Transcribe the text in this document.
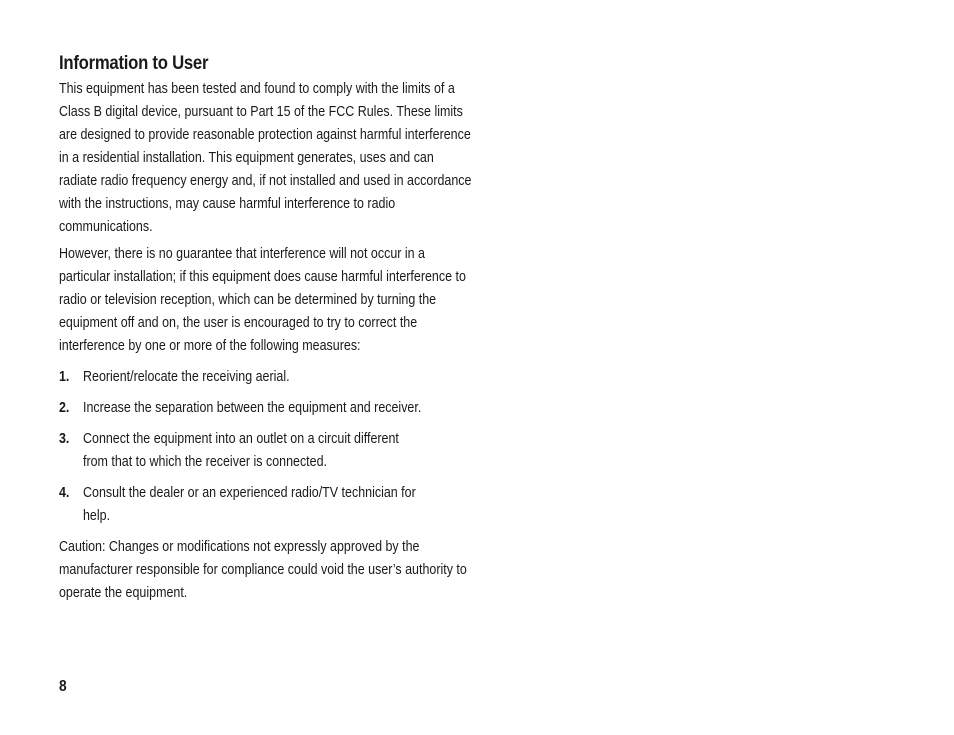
Information to User

This equipment has been tested and found to comply with the limits of a Class B digital device, pursuant to Part 15 of the FCC Rules. These limits are designed to provide reasonable protection against harmful interference in a residential installation. This equipment generates, uses and can radiate radio frequency energy and, if not installed and used in accordance with the instructions, may cause harmful interference to radio communications.

However, there is no guarantee that interference will not occur in a particular installation; if this equipment does cause harmful interference to radio or television reception, which can be determined by turning the equipment off and on, the user is encouraged to try to correct the interference by one or more of the following measures:

1. Reorient/relocate the receiving aerial.
2. Increase the separation between the equipment and receiver.
3. Connect the equipment into an outlet on a circuit different from that to which the receiver is connected.
4. Consult the dealer or an experienced radio/TV technician for help.

Caution: Changes or modifications not expressly approved by the manufacturer responsible for compliance could void the user’s authority to operate the equipment.

8
